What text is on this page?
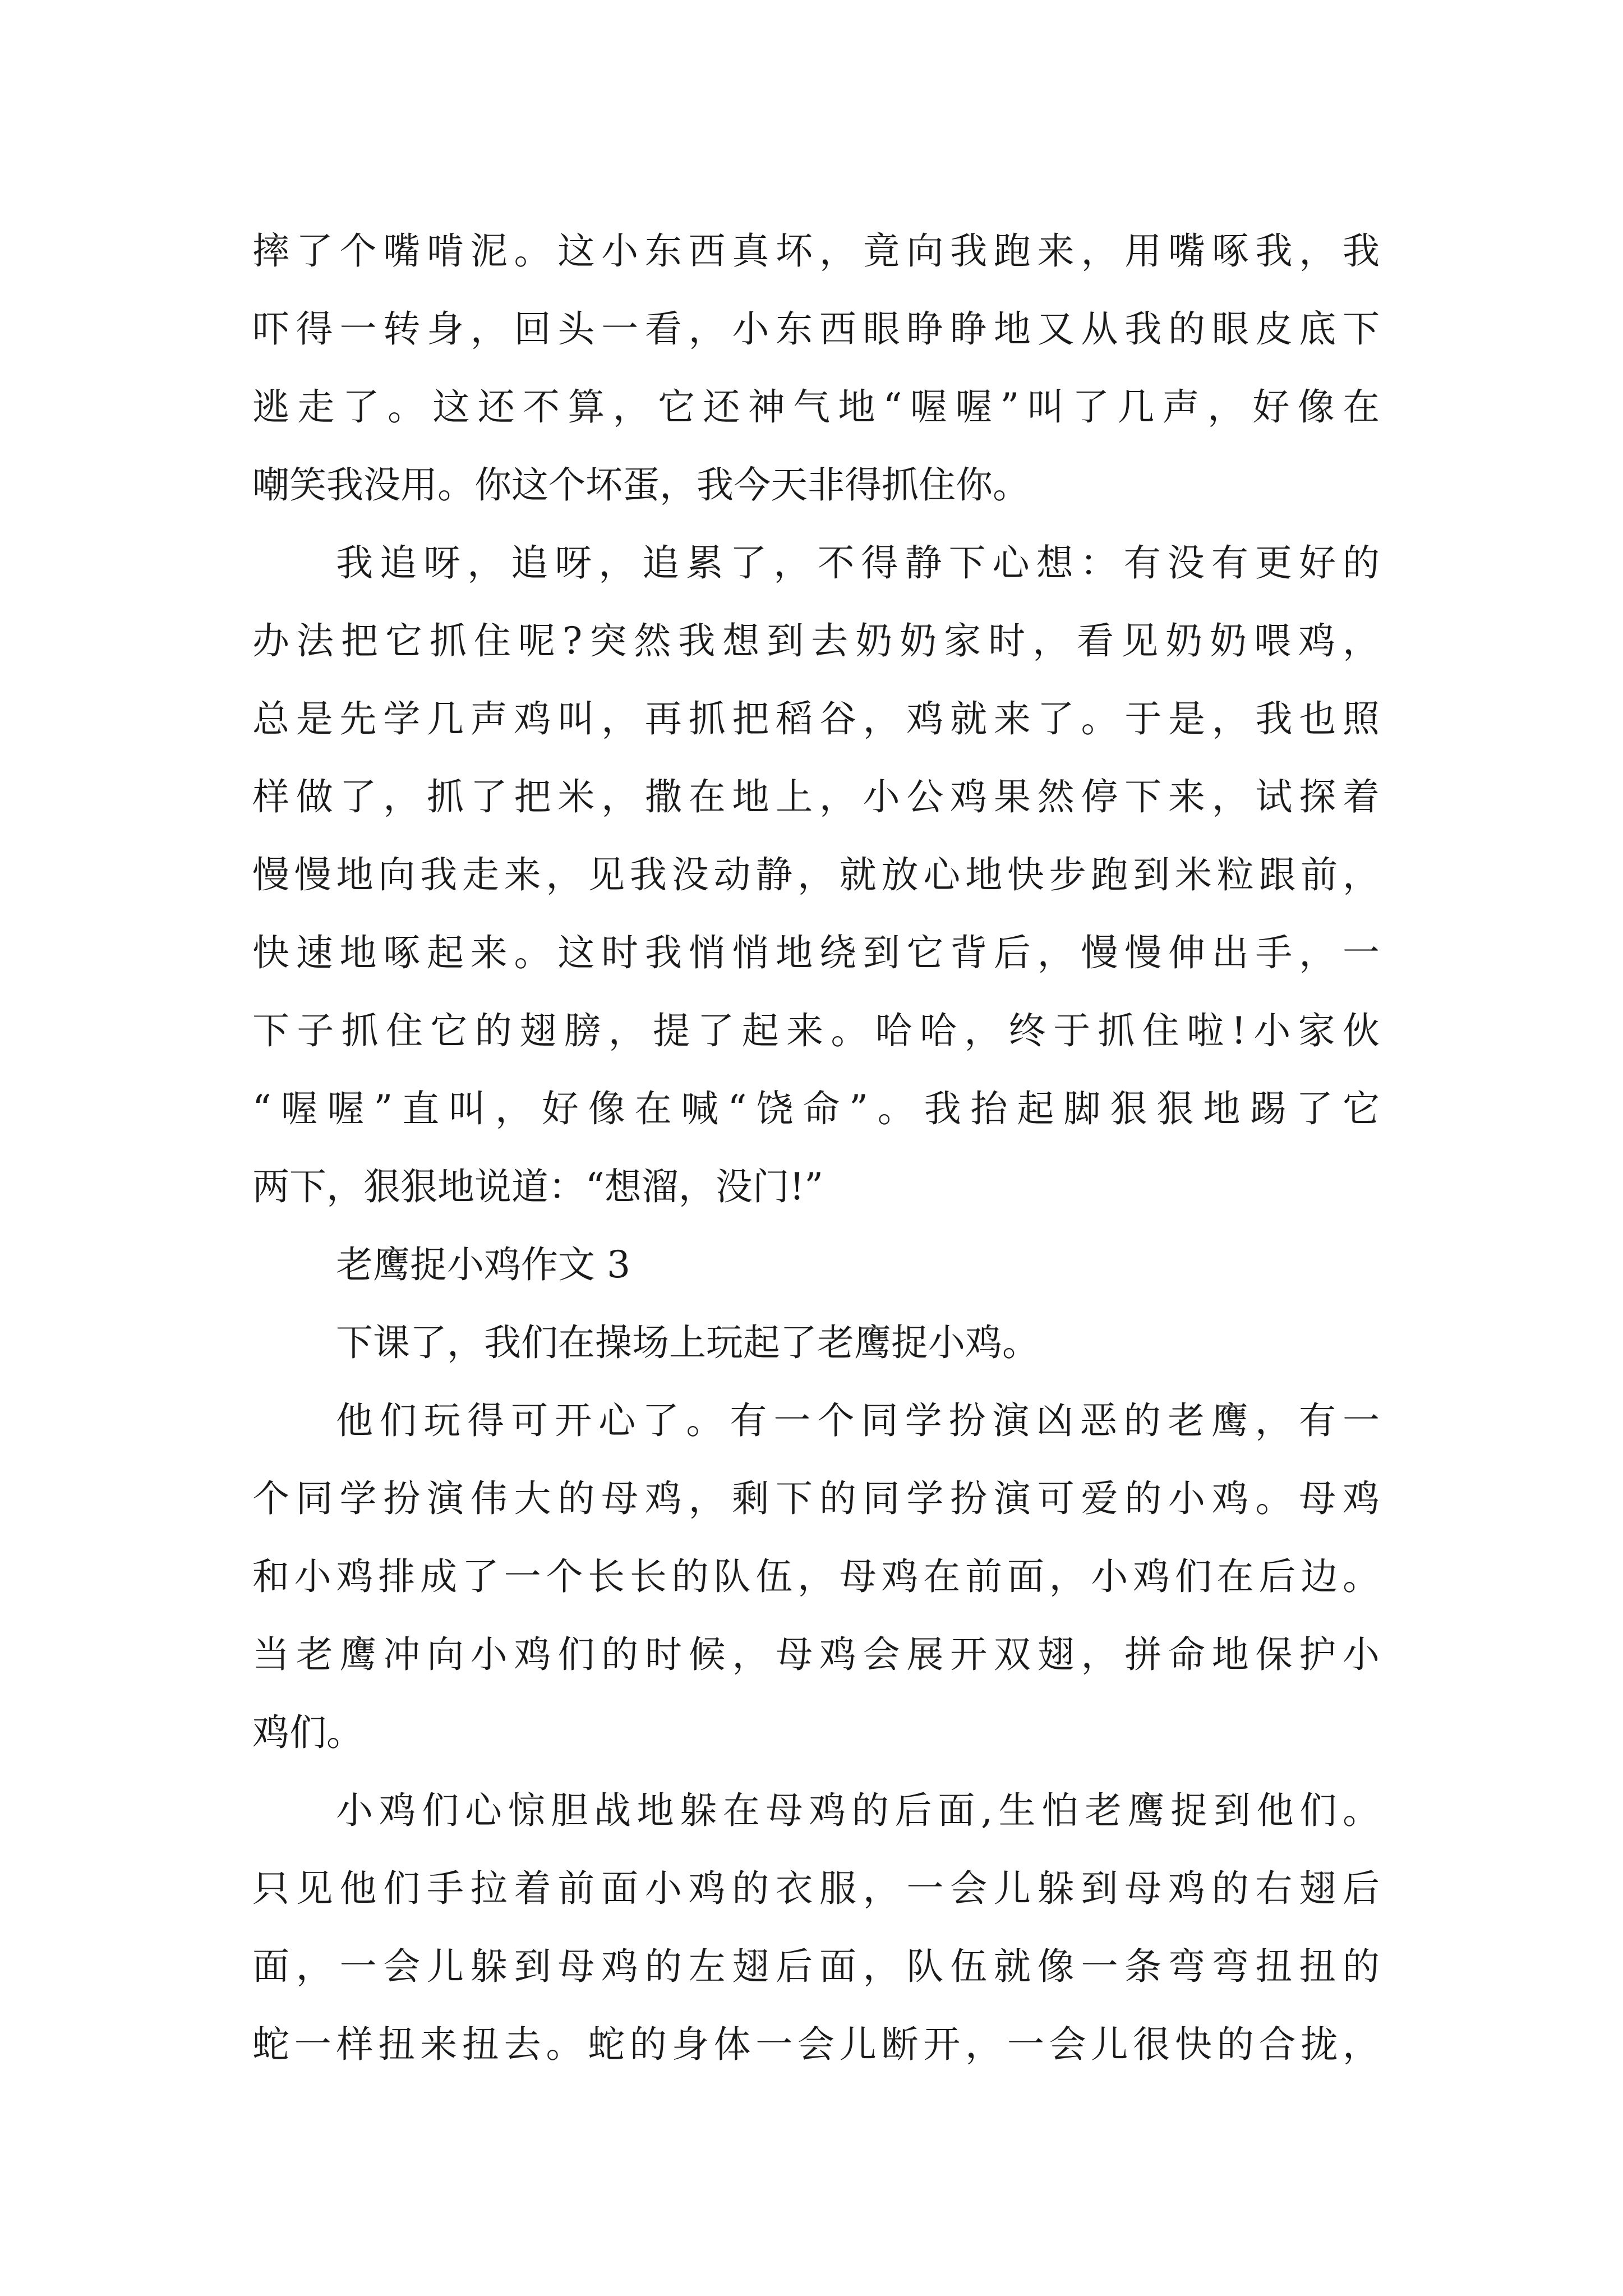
摔了个嘴啃泥。这小东西真坏，竟向我跑来，用嘴啄我，我
吓得一转身，回头一看，小东西眼睁睁地又从我的眼皮底下
逃走了。这还不算，它还神气地“喔喔”叫了几声，好像在
嘲笑我没用。你这个坏蛋，我今天非得抓住你。
我追呀，追呀，追累了，不得静下心想：有没有更好的
办法把它抓住呢?突然我想到去奶奶家时，看见奶奶喂鸡，
总是先学几声鸡叫，再抓把稻谷，鸡就来了。于是，我也照
样做了，抓了把米，撒在地上，小公鸡果然停下来，试探着
慢慢地向我走来，见我没动静，就放心地快步跑到米粒跟前，
快速地啄起来。这时我悄悄地绕到它背后，慢慢伸出手，一
下子抓住它的翅膀，提了起来。哈哈，终于抓住啦!小家伙
“喔喔”直叫，好像在喊“饶命”。我抬起脚狠狠地踢了它
两下，狠狠地说道：“想溜，没门!”
老鹰捉小鸡作文 3
下课了，我们在操场上玩起了老鹰捉小鸡。
他们玩得可开心了。有一个同学扮演凶恶的老鹰，有一
个同学扮演伟大的母鸡，剩下的同学扮演可爱的小鸡。母鸡
和小鸡排成了一个长长的队伍，母鸡在前面，小鸡们在后边。
当老鹰冲向小鸡们的时候，母鸡会展开双翅，拼命地保护小
鸡们。
小鸡们心惊胆战地躲在母鸡的后面,生怕老鹰捉到他们。
只见他们手拉着前面小鸡的衣服，一会儿躲到母鸡的右翅后
面，一会儿躲到母鸡的左翅后面，队伍就像一条弯弯扭扭的
蛇一样扭来扭去。蛇的身体一会儿断开，一会儿很快的合拢，
